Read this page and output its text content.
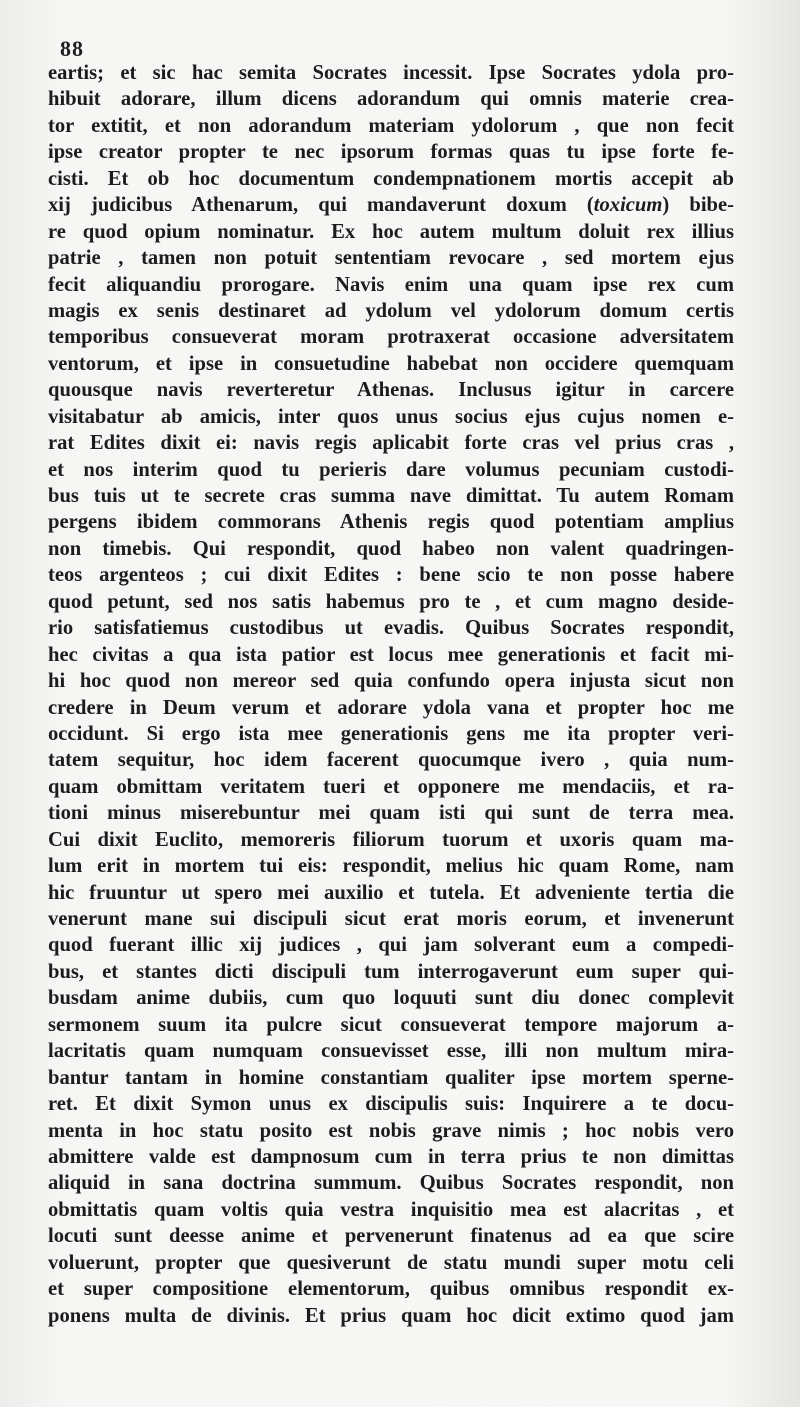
88
eartis; et sic hac semita Socrates incessit. Ipse Socrates ydola pro-
hibuit adorare, illum dicens adorandum qui omnis materie crea-
tor extitit, et non adorandum materiam ydolorum , que non fecit
ipse creator propter te nec ipsorum formas quas tu ipse forte fe-
cisti. Et ob hoc documentum condempnationem mortis accepit ab
xij judicibus Athenarum, qui mandaverunt doxum (toxicum) bibe-
re quod opium nominatur. Ex hoc autem multum doluit rex illius
patrie , tamen non potuit sententiam revocare , sed mortem ejus
fecit aliquandiu prorogare. Navis enim una quam ipse rex cum
magis ex senis destinaret ad ydolum vel ydolorum domum certis
temporibus consueverat moram protraxerat occasione adversitatem
ventorum, et ipse in consuetudine habebat non occidere quemquam
quousque navis reverteretur Athenas. Inclusus igitur in carcere
visitabatur ab amicis, inter quos unus socius ejus cujus nomen e-
rat Edites dixit ei: navis regis aplicabit forte cras vel prius cras ,
et nos interim quod tu perieris dare volumus pecuniam custodi-
bus tuis ut te secrete cras summa nave dimittat. Tu autem Romam
pergens ibidem commorans Athenis regis quod potentiam amplius
non timebis. Qui respondit, quod habeo non valent quadringen-
teos argenteos ; cui dixit Edites : bene scio te non posse habere
quod petunt, sed nos satis habemus pro te , et cum magno deside-
rio satisfatiemus custodibus ut evadis. Quibus Socrates respondit,
hec civitas a qua ista patior est locus mee generationis et facit mi-
hi hoc quod non mereor sed quia confundo opera injusta sicut non
credere in Deum verum et adorare ydola vana et propter hoc me
occidunt. Si ergo ista mee generationis gens me ita propter veri-
tatem sequitur, hoc idem facerent quocumque ivero , quia num-
quam obmittam veritatem tueri et opponere me mendaciis, et ra-
tioni minus miserebuntur mei quam isti qui sunt de terra mea.
Cui dixit Euclito, memoreris filiorum tuorum et uxoris quam ma-
lum erit in mortem tui eis: respondit, melius hic quam Rome, nam
hic fruuntur ut spero mei auxilio et tutela. Et adveniente tertia die
venerunt mane sui discipuli sicut erat moris eorum, et invenerunt
quod fuerant illic xij judices , qui jam solverant eum a compedi-
bus, et stantes dicti discipuli tum interrogaverunt eum super qui-
busdam anime dubiis, cum quo loquuti sunt diu donec complevit
sermonem suum ita pulcre sicut consueverat tempore majorum a-
lacritatis quam numquam consuevisset esse, illi non multum mira-
bantur tantam in homine constantiam qualiter ipse mortem sperne-
ret. Et dixit Symon unus ex discipulis suis: Inquirere a te docu-
menta in hoc statu posito est nobis grave nimis ; hoc nobis vero
abmittere valde est dampnosum cum in terra prius te non dimittas
aliquid in sana doctrina summum. Quibus Socrates respondit, non
obmittatis quam voltis quia vestra inquisitio mea est alacritas , et
locuti sunt deesse anime et pervenerunt finatenus ad ea que scire
voluerunt, propter que quesiverunt de statu mundi super motu celi
et super compositione elementorum, quibus omnibus respondit ex-
ponens multa de divinis. Et prius quam hoc dicit extimo quod jam
